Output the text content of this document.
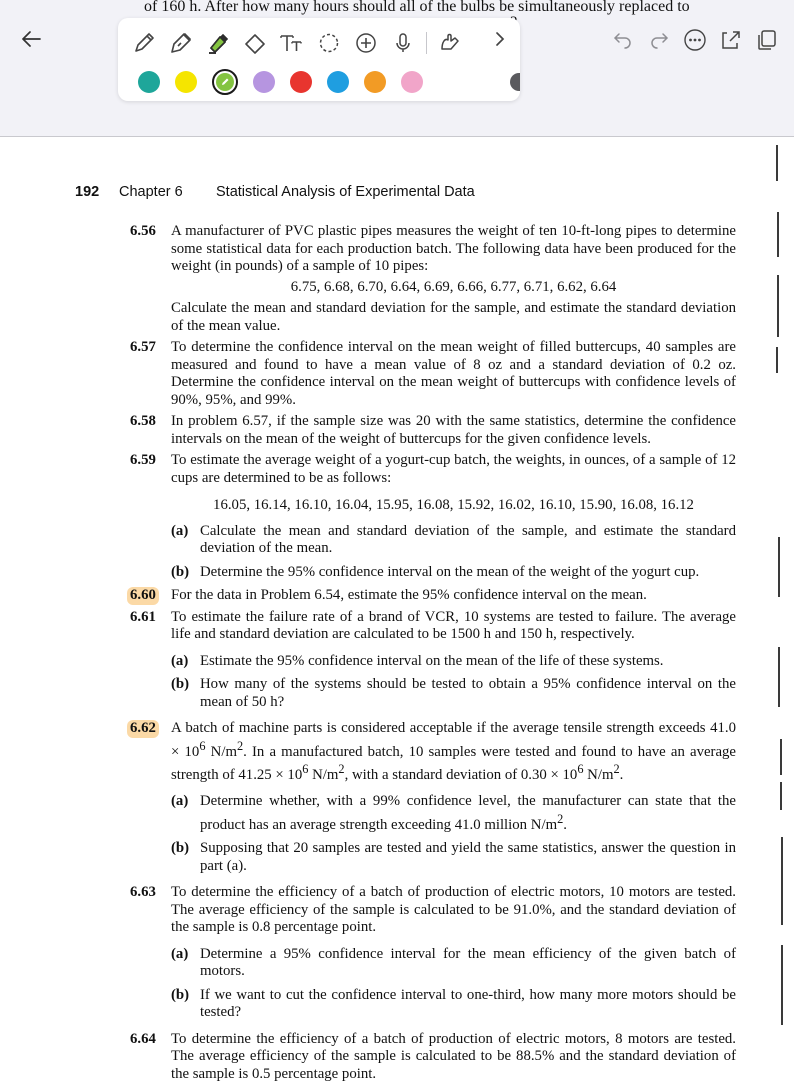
of 160 h. After how many hours should all of the bulbs be simultaneously replaced to
192 Chapter 6 Statistical Analysis of Experimental Data
6.56 A manufacturer of PVC plastic pipes measures the weight of ten 10-ft-long pipes to determine some statistical data for each production batch. The following data have been produced for the weight (in pounds) of a sample of 10 pipes:
6.75, 6.68, 6.70, 6.64, 6.69, 6.66, 6.77, 6.71, 6.62, 6.64
Calculate the mean and standard deviation for the sample, and estimate the standard deviation of the mean value.
6.57 To determine the confidence interval on the mean weight of filled buttercups, 40 samples are measured and found to have a mean value of 8 oz and a standard deviation of 0.2 oz. Determine the confidence interval on the mean weight of buttercups with confidence levels of 90%, 95%, and 99%.
6.58 In problem 6.57, if the sample size was 20 with the same statistics, determine the confidence intervals on the mean of the weight of buttercups for the given confidence levels.
6.59 To estimate the average weight of a yogurt-cup batch, the weights, in ounces, of a sample of 12 cups are determined to be as follows:
16.05, 16.14, 16.10, 16.04, 15.95, 16.08, 15.92, 16.02, 16.10, 15.90, 16.08, 16.12
(a) Calculate the mean and standard deviation of the sample, and estimate the standard deviation of the mean.
(b) Determine the 95% confidence interval on the mean of the weight of the yogurt cup.
6.60 For the data in Problem 6.54, estimate the 95% confidence interval on the mean.
6.61 To estimate the failure rate of a brand of VCR, 10 systems are tested to failure. The average life and standard deviation are calculated to be 1500 h and 150 h, respectively.
(a) Estimate the 95% confidence interval on the mean of the life of these systems.
(b) How many of the systems should be tested to obtain a 95% confidence interval on the mean of 50 h?
6.62 A batch of machine parts is considered acceptable if the average tensile strength exceeds $41.0 \times 10^6$ $N/m^2$. In a manufactured batch, 10 samples were tested and found to have an average strength of $41.25 \times 10^6$ $N/m^2$, with a standard deviation of $0.30 \times 10^6$ $N/m^2$.
(a) Determine whether, with a 99% confidence level, the manufacturer can state that the product has an average strength exceeding 41.0 million $N/m^2$.
(b) Supposing that 20 samples are tested and yield the same statistics, answer the question in part (a).
6.63 To determine the efficiency of a batch of production of electric motors, 10 motors are tested. The average efficiency of the sample is calculated to be 91.0%, and the standard deviation of the sample is 0.8 percentage point.
(a) Determine a 95% confidence interval for the mean efficiency of the given batch of motors.
(b) If we want to cut the confidence interval to one-third, how many more motors should be tested?
6.64 To determine the efficiency of a batch of production of electric motors, 8 motors are tested. The average efficiency of the sample is calculated to be 88.5% and the standard deviation of the sample is 0.5 percentage point.
